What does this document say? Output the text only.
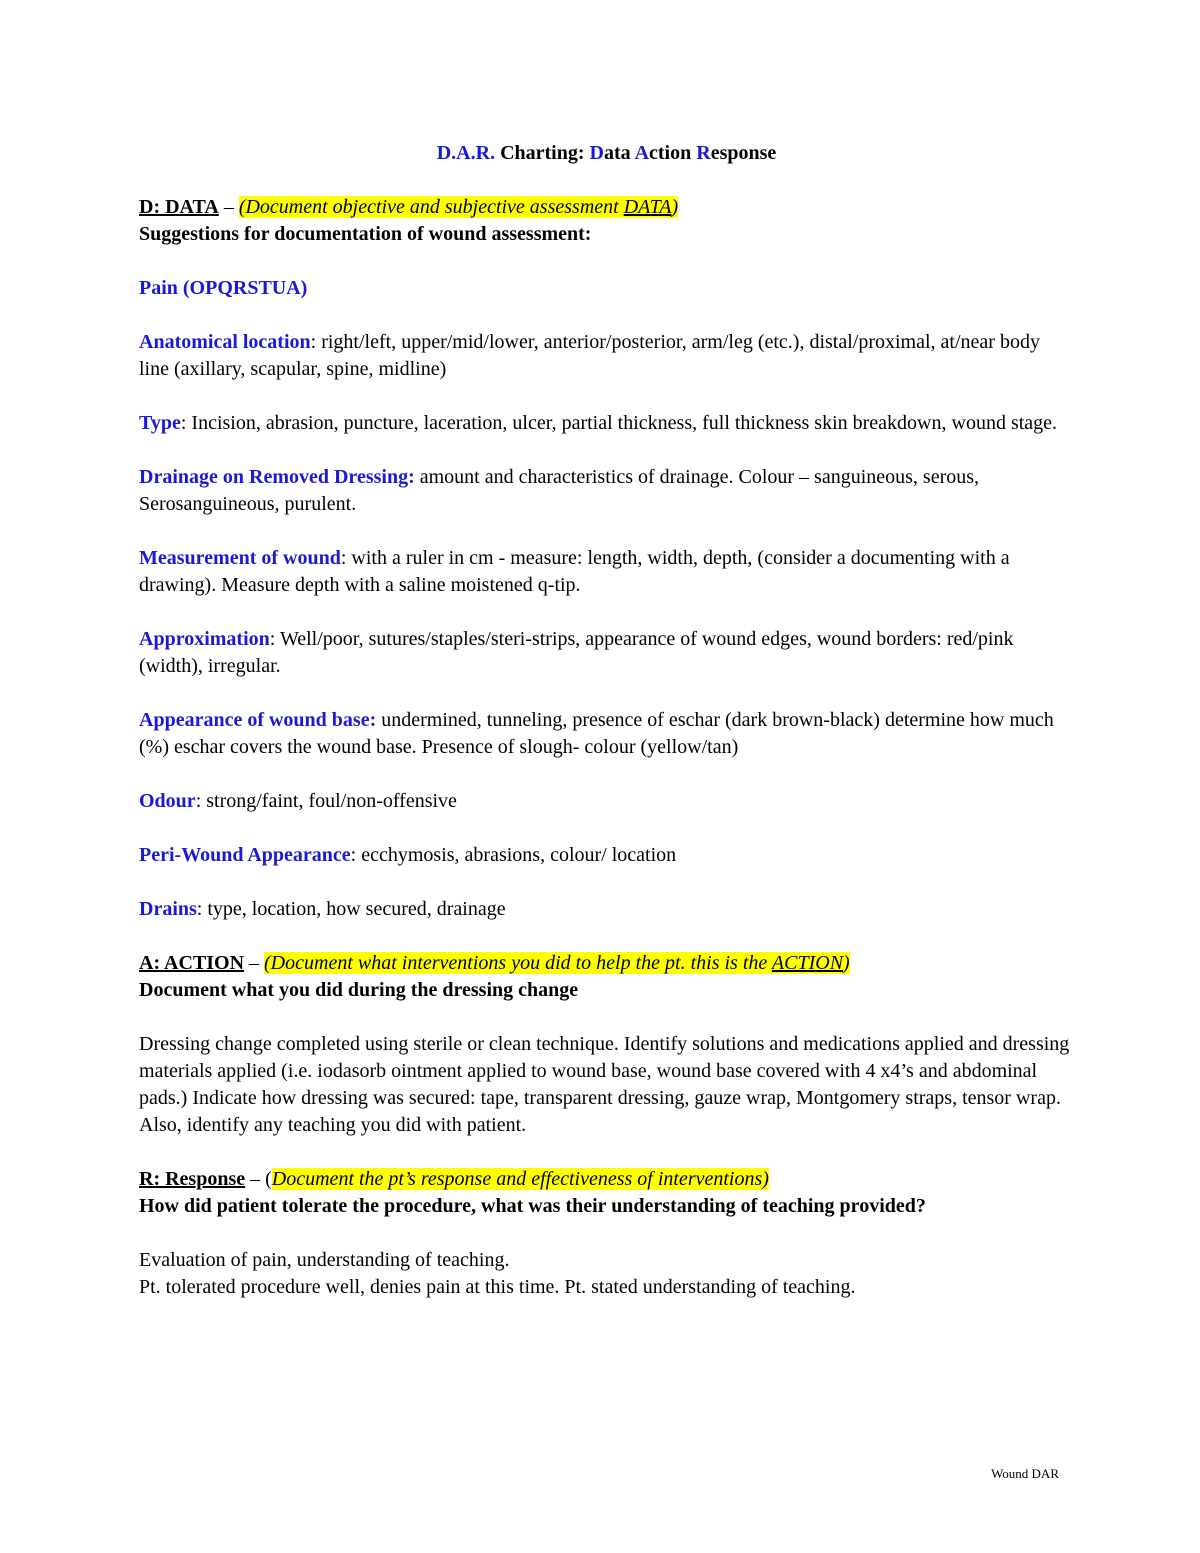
D.A.R. Charting: Data Action Response

D: DATA – (Document objective and subjective assessment DATA)

Suggestions for documentation of wound assessment:

Pain (OPQRSTUA)

Anatomical location: right/left, upper/mid/lower, anterior/posterior, arm/leg (etc.), distal/proximal, at/near body line (axillary, scapular, spine, midline)

Type: Incision, abrasion, puncture, laceration, ulcer, partial thickness, full thickness skin breakdown, wound stage.

Drainage on Removed Dressing: amount and characteristics of drainage. Colour – sanguineous, serous, Serosanguineous, purulent.

Measurement of wound: with a ruler in cm - measure: length, width, depth, (consider a documenting with a drawing). Measure depth with a saline moistened q-tip.

Approximation: Well/poor, sutures/staples/steri-strips, appearance of wound edges, wound borders: red/pink (width), irregular.

Appearance of wound base: undermined, tunneling, presence of eschar (dark brown-black) determine how much (%) eschar covers the wound base. Presence of slough- colour (yellow/tan)

Odour: strong/faint, foul/non-offensive

Peri-Wound Appearance: ecchymosis, abrasions, colour/ location

Drains: type, location, how secured, drainage

A: ACTION – (Document what interventions you did to help the pt. this is the ACTION)

Document what you did during the dressing change

Dressing change completed using sterile or clean technique. Identify solutions and medications applied and dressing materials applied (i.e. iodasorb ointment applied to wound base, wound base covered with 4 x4’s and abdominal pads.) Indicate how dressing was secured: tape, transparent dressing, gauze wrap, Montgomery straps, tensor wrap. Also, identify any teaching you did with patient.

R: Response – (Document the pt’s response and effectiveness of interventions)

How did patient tolerate the procedure, what was their understanding of teaching provided?

Evaluation of pain, understanding of teaching.

Pt. tolerated procedure well, denies pain at this time. Pt. stated understanding of teaching.

Wound DAR
